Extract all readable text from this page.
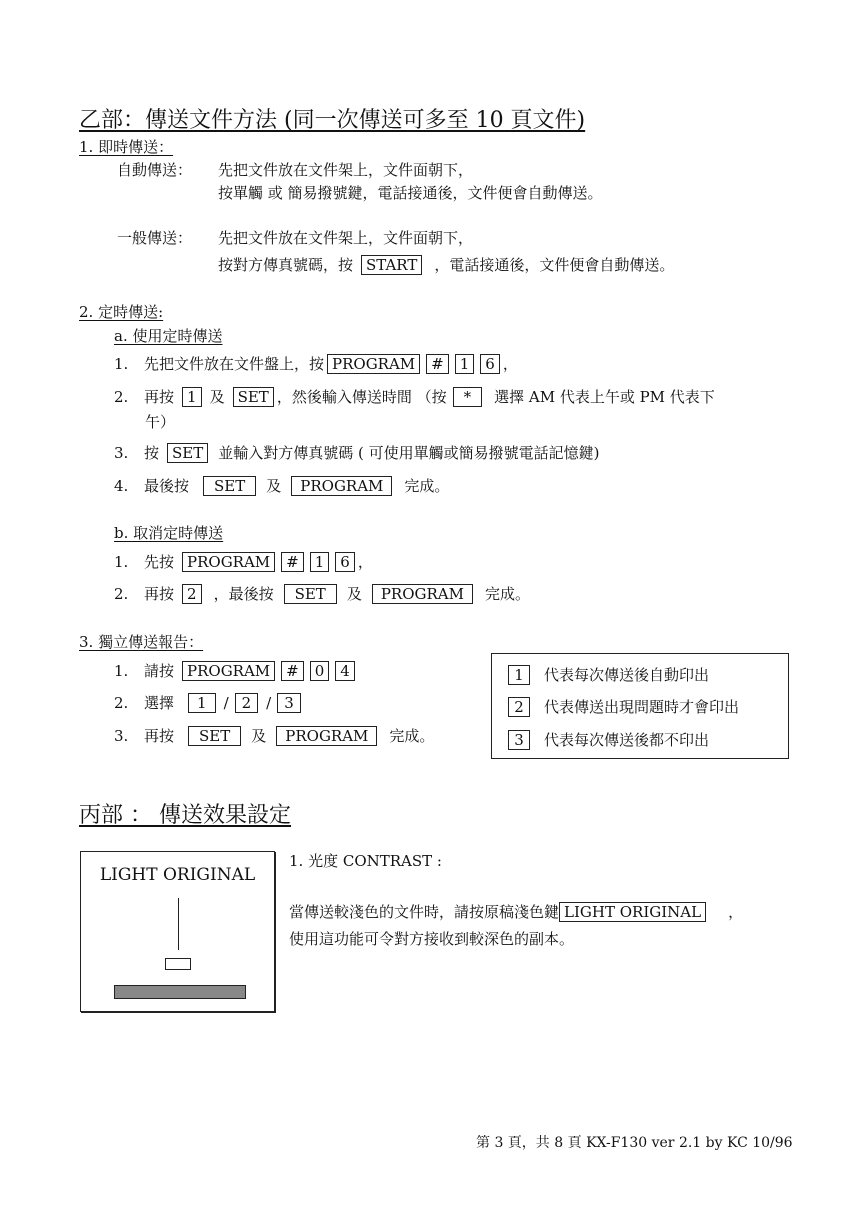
乙部：傳送文件方法 (同一次傳送可多至 10 頁文件)
1. 即時傳送：
自動傳送： 先把文件放在文件架上，文件面朝下，
按單觸 或 簡易撥號鍵，電話接通後，文件便會自動傳送。
一般傳送： 先把文件放在文件架上，文件面朝下，
按對方傳真號碼，按 START	，電話接通後，文件便會自動傳送。
2. 定時傳送:
a. 使用定時傳送
1.	先把文件放在文件盤上，按 PROGRAM	#	1	6 ，
2.	再按 1 及 SET ，然後輸入傳送時間 （按	*	選擇 AM 代表上午或 PM 代表下
午）
3.	按 SET	並輸入對方傳真號碼 ( 可使用單觸或簡易撥號電話記憶鍵)
4.	最後按	SET	及	PROGRAM	完成。
b. 取消定時傳送
1.	先按 PROGRAM	#	1	6 ，
2.	再按 2	，最後按	SET	及	PROGRAM	完成。
3. 獨立傳送報告：
1.	請按 PROGRAM	#	0	4
2.	選擇	1	/ 2	/ 3
3.	再按	SET	及	PROGRAM	完成。
1	代表每次傳送後自動印出
2	代表傳送出現問題時才會印出
3	代表每次傳送後都不印出
丙部 ： 傳送效果設定
LIGHT ORIGINAL
1. 光度 CONTRAST :
當傳送較淺色的文件時，請按原稿淺色鍵 LIGHT ORIGINAL	，
使用這功能可令對方接收到較深色的副本。
第 3 頁，共 8 頁 KX-F130 ver 2.1 by KC 10/96
